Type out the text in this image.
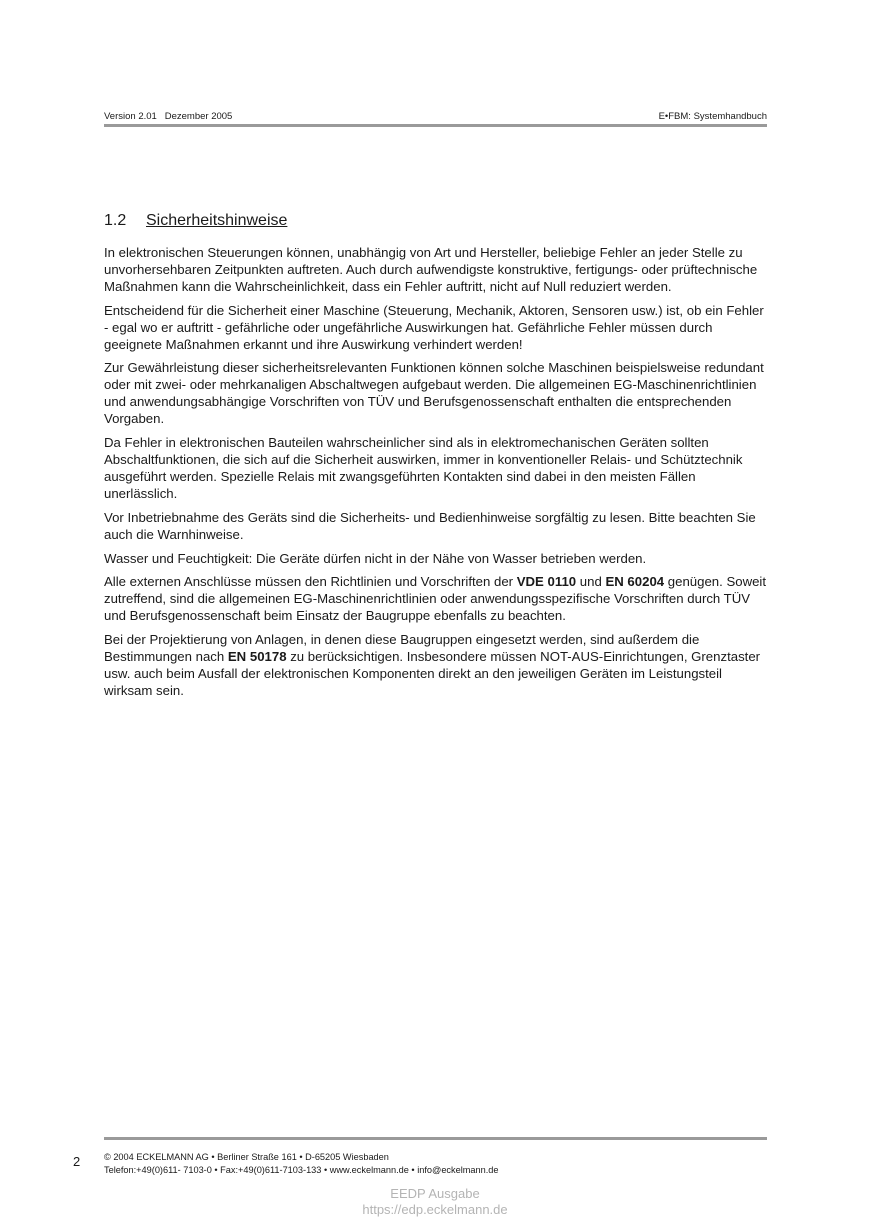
Version 2.01 Dezember 2005	E•FBM: Systemhandbuch
1.2 Sicherheitshinweise

In elektronischen Steuerungen können, unabhängig von Art und Hersteller, beliebige Fehler an jeder Stelle zu unvorhersehbaren Zeitpunkten auftreten. Auch durch aufwendigste konstruktive, fertigungs- oder prüftechnische Maßnahmen kann die Wahrscheinlichkeit, dass ein Fehler auftritt, nicht auf Null reduziert werden.

Entscheidend für die Sicherheit einer Maschine (Steuerung, Mechanik, Aktoren, Sensoren usw.) ist, ob ein Fehler - egal wo er auftritt - gefährliche oder ungefährliche Auswirkungen hat. Gefährliche Fehler müssen durch geeignete Maßnahmen erkannt und ihre Auswirkung verhindert werden!

Zur Gewährleistung dieser sicherheitsrelevanten Funktionen können solche Maschinen beispielsweise redundant oder mit zwei- oder mehrkanaligen Abschaltwegen aufgebaut werden. Die allgemeinen EG-Maschinenrichtlinien und anwendungsabhängige Vorschriften von TÜV und Berufsgenossenschaft enthalten die entsprechenden Vorgaben.

Da Fehler in elektronischen Bauteilen wahrscheinlicher sind als in elektromechanischen Geräten sollten Abschaltfunktionen, die sich auf die Sicherheit auswirken, immer in konventioneller Relais- und Schütztechnik ausgeführt werden. Spezielle Relais mit zwangsgeführten Kontakten sind dabei in den meisten Fällen unerlässlich.

Vor Inbetriebnahme des Geräts sind die Sicherheits- und Bedienhinweise sorgfältig zu lesen. Bitte beachten Sie auch die Warnhinweise.

Wasser und Feuchtigkeit: Die Geräte dürfen nicht in der Nähe von Wasser betrieben werden.

Alle externen Anschlüsse müssen den Richtlinien und Vorschriften der VDE 0110 und EN 60204 genügen. Soweit zutreffend, sind die allgemeinen EG-Maschinenrichtlinien oder anwendungsspezifische Vorschriften durch TÜV und Berufsgenossenschaft beim Einsatz der Baugruppe ebenfalls zu beachten.

Bei der Projektierung von Anlagen, in denen diese Baugruppen eingesetzt werden, sind außerdem die Bestimmungen nach EN 50178 zu berücksichtigen. Insbesondere müssen NOT-AUS-Einrichtungen, Grenztaster usw. auch beim Ausfall der elektronischen Komponenten direkt an den jeweiligen Geräten im Leistungsteil wirksam sein.

2	© 2004 ECKELMANN AG • Berliner Straße 161 • D-65205 Wiesbaden
Telefon:+49(0)611- 7103-0 • Fax:+49(0)611-7103-133 • www.eckelmann.de • info@eckelmann.de
EEDP Ausgabe
https://edp.eckelmann.de
